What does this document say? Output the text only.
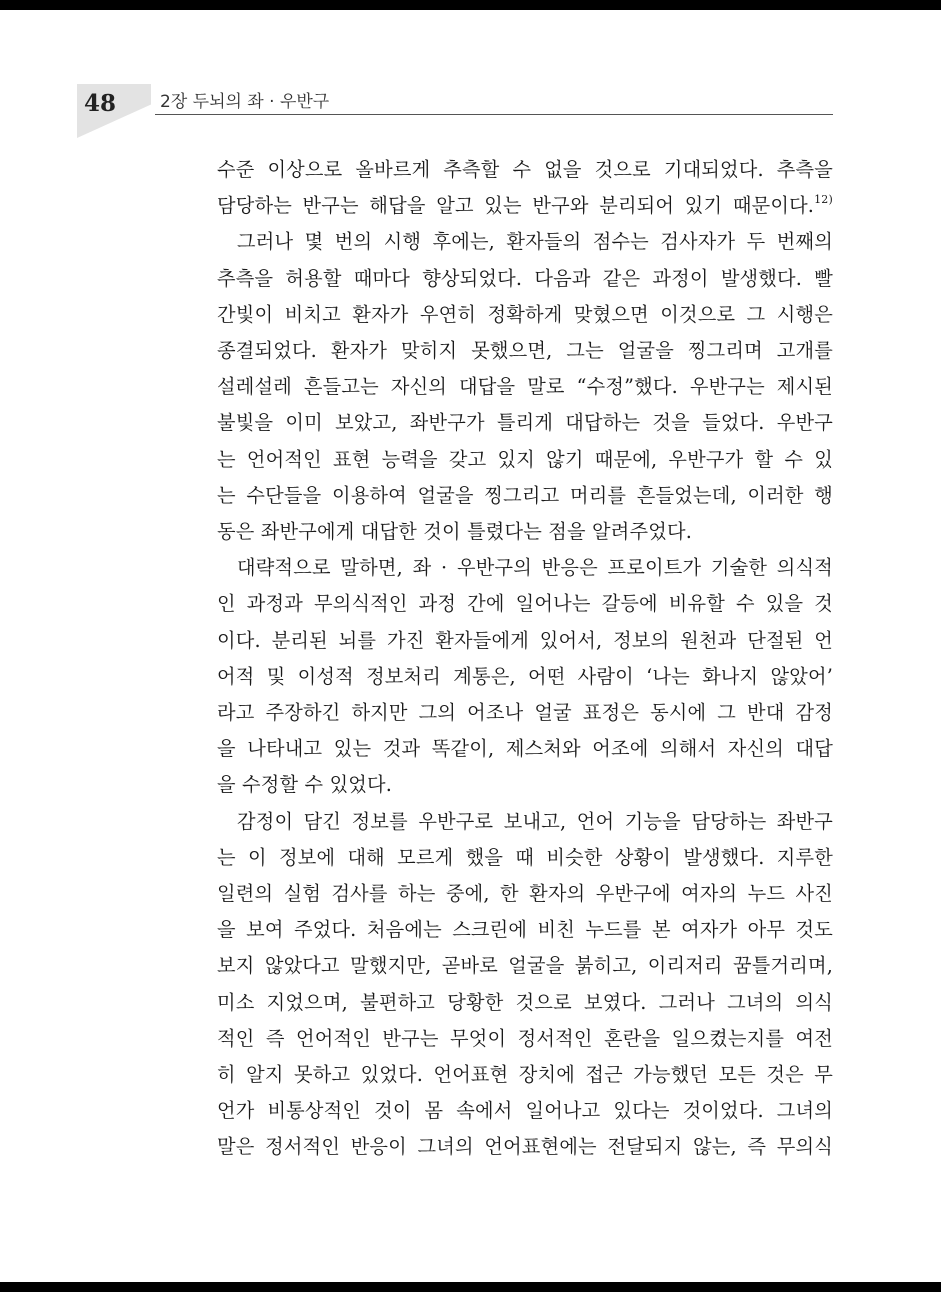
48	2장 두뇌의 좌 · 우반구

수준 이상으로 올바르게 추측할 수 없을 것으로 기대되었다. 추측을

담당하는 반구는 해답을 알고 있는 반구와 분리되어 있기 때문이다.$^{12)}$

그러나 몇 번의 시행 후에는, 환자들의 점수는 검사자가 두 번째의

추측을 허용할 때마다 향상되었다. 다음과 같은 과정이 발생했다. 빨

간빛이 비치고 환자가 우연히 정확하게 맞혔으면 이것으로 그 시행은

종결되었다. 환자가 맞히지 못했으면, 그는 얼굴을 찡그리며 고개를

설레설레 흔들고는 자신의 대답을 말로 “수정”했다. 우반구는 제시된

불빛을 이미 보았고, 좌반구가 틀리게 대답하는 것을 들었다. 우반구

는 언어적인 표현 능력을 갖고 있지 않기 때문에, 우반구가 할 수 있

는 수단들을 이용하여 얼굴을 찡그리고 머리를 흔들었는데, 이러한 행

동은 좌반구에게 대답한 것이 틀렸다는 점을 알려주었다.

대략적으로 말하면, 좌 · 우반구의 반응은 프로이트가 기술한 의식적

인 과정과 무의식적인 과정 간에 일어나는 갈등에 비유할 수 있을 것

이다. 분리된 뇌를 가진 환자들에게 있어서, 정보의 원천과 단절된 언

어적 및 이성적 정보처리 계통은, 어떤 사람이 ‘나는 화나지 않았어’

라고 주장하긴 하지만 그의 어조나 얼굴 표정은 동시에 그 반대 감정

을 나타내고 있는 것과 똑같이, 제스처와 어조에 의해서 자신의 대답

을 수정할 수 있었다.

감정이 담긴 정보를 우반구로 보내고, 언어 기능을 담당하는 좌반구

는 이 정보에 대해 모르게 했을 때 비슷한 상황이 발생했다. 지루한

일련의 실험 검사를 하는 중에, 한 환자의 우반구에 여자의 누드 사진

을 보여 주었다. 처음에는 스크린에 비친 누드를 본 여자가 아무 것도

보지 않았다고 말했지만, 곧바로 얼굴을 붉히고, 이리저리 꿈틀거리며,

미소 지었으며, 불편하고 당황한 것으로 보였다. 그러나 그녀의 의식

적인 즉 언어적인 반구는 무엇이 정서적인 혼란을 일으켰는지를 여전

히 알지 못하고 있었다. 언어표현 장치에 접근 가능했던 모든 것은 무

언가 비통상적인 것이 몸 속에서 일어나고 있다는 것이었다. 그녀의

말은 정서적인 반응이 그녀의 언어표현에는 전달되지 않는, 즉 무의식
